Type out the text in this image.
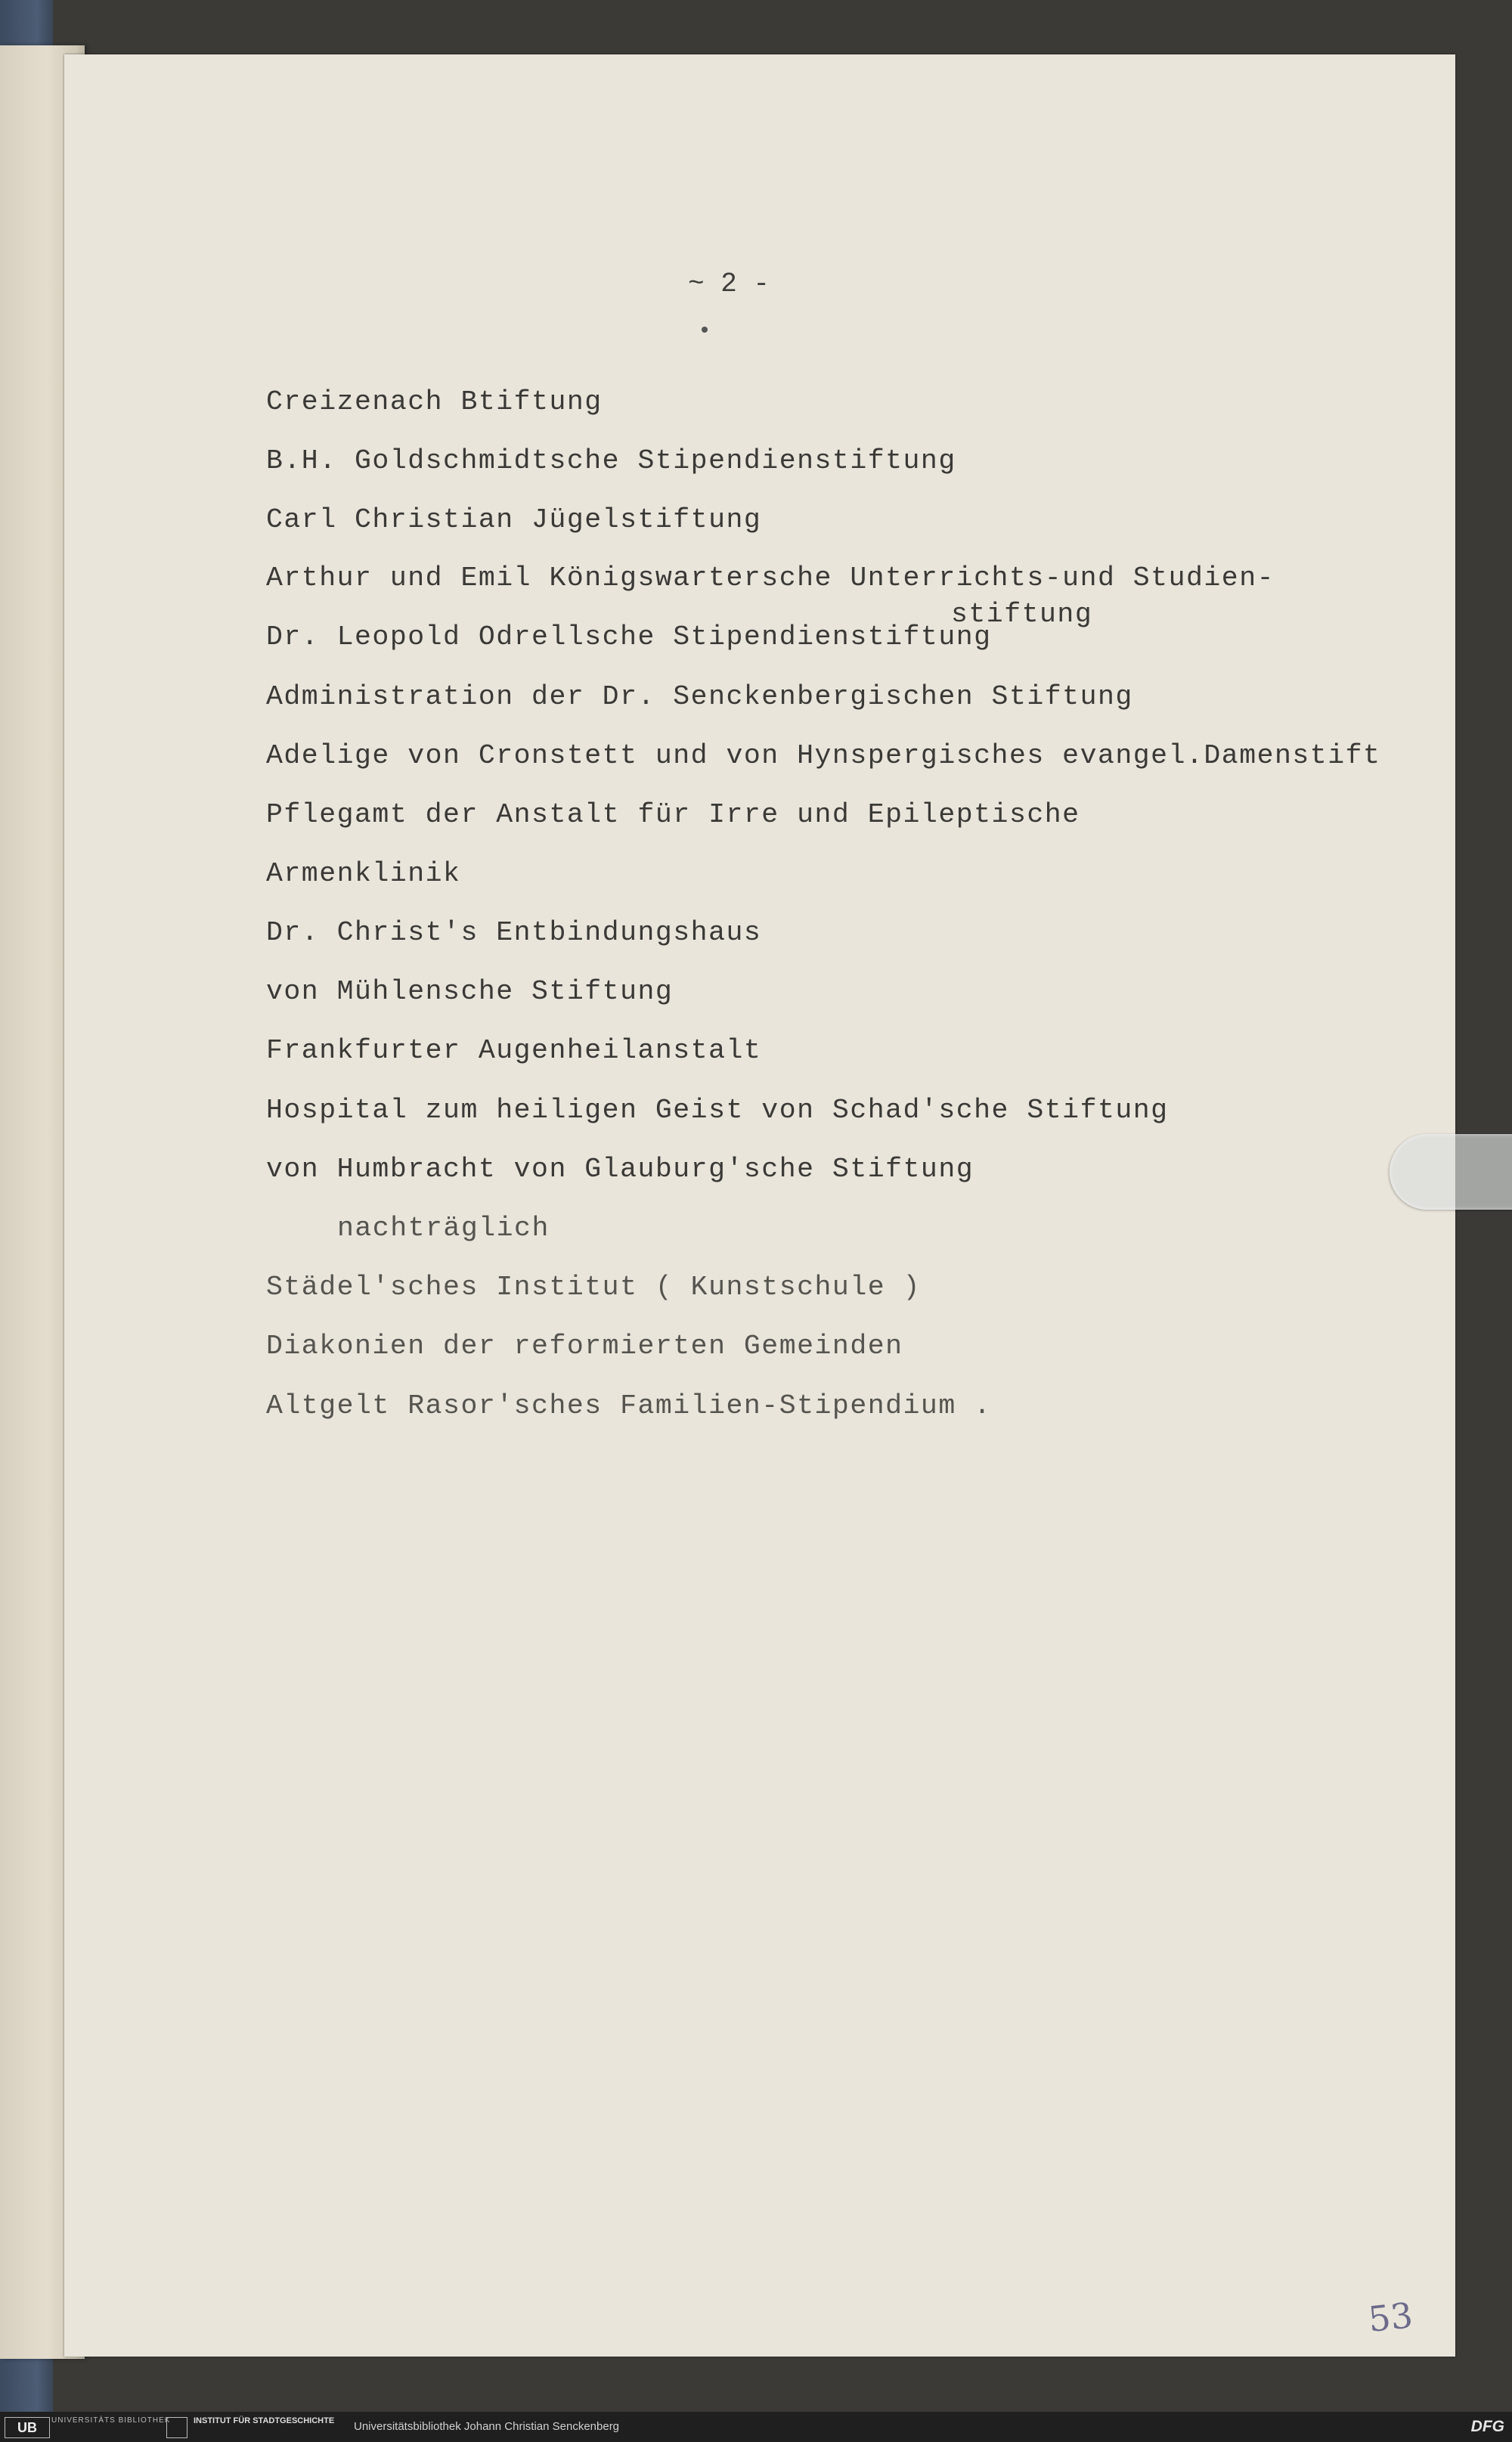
~ 2 -
Creizenach Btiftung
B.H. Goldschmidtsche Stipendienstiftung
Carl Christian Jügelstiftung
Arthur und Emil Königswartersche Unterrichts-und Studien-
stiftung
Dr. Leopold Odrellsche Stipendienstiftung
Administration der Dr. Senckenbergischen Stiftung
Adelige von Cronstett und von Hynspergisches evangel.Damenstift
Pflegamt der Anstalt für Irre und Epileptische
Armenklinik
Dr. Christ's Entbindungshaus
von Mühlensche Stiftung
Frankfurter Augenheilanstalt
Hospital zum heiligen Geist von Schad'sche Stiftung
von Humbracht von Glauburg'sche Stiftung
nachträglich
Städel'sches Institut ( Kunstschule )
Diakonien der reformierten Gemeinden
Altgelt Rasor'sches Familien-Stipendium .
53
UB	UNIVERSITÄTS BIBLIOTHEK	INSTITUT FÜR STADTGESCHICHTE Universitätsbibliothek Johann Christian Senckenberg	DFG
